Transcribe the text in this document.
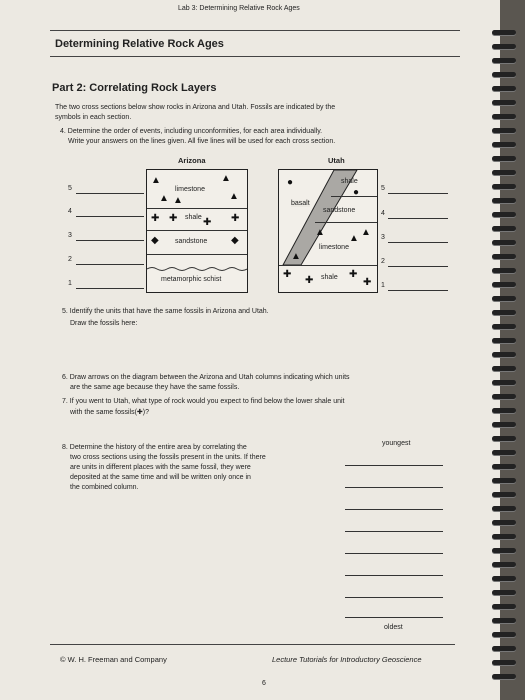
Lab 3: Determining Relative Rock Ages
Determining Relative Rock Ages
Part 2: Correlating Rock Layers
The two cross sections below show rocks in Arizona and Utah. Fossils are indicated by the
symbols in each section.
4. Determine the order of events, including unconformities, for each area individually.
Write your answers on the lines given. All five lines will be used for each cross section.
Arizona
5
4
3
2
1
limestone
shale
sandstone
metamorphic schist
▲	▲
▲ ▲	▲
✚ ✚	✚ ✚
◆	◆
Utah
shale
basalt
sandstone
limestone
shale
●
●
▲	▲
▲
▲
✚
✚
✚
✚
5
4
3
2
1
5. Identify the units that have the same fossils in Arizona and Utah.
Draw the fossils here:
6. Draw arrows on the diagram between the Arizona and Utah columns indicating which units
are the same age because they have the same fossils.
7. If you went to Utah, what type of rock would you expect to find below the lower shale unit
with the same fossils(✚)?
8. Determine the history of the entire area by correlating the
two cross sections using the fossils present in the units. If there
are units in different places with the same fossil, they were
deposited at the same time and will be written only once in
the combined column.
youngest
oldest
© W. H. Freeman and Company	Lecture Tutorials for Introductory Geoscience
6
